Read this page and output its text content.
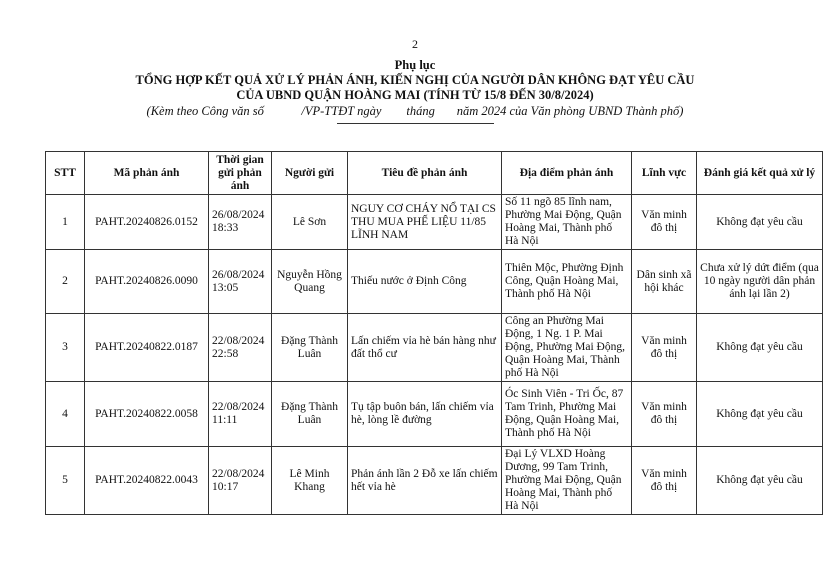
2
Phụ lục
TỔNG HỢP KẾT QUẢ XỬ LÝ PHẢN ÁNH, KIẾN NGHỊ CỦA NGƯỜI DÂN KHÔNG ĐẠT YÊU CẦU
CỦA UBND QUẬN HOÀNG MAI (TÍNH TỪ 15/8 ĐẾN 30/8/2024)
(Kèm theo Công văn số            /VP-TTĐT ngày        tháng       năm 2024 của Văn phòng UBND Thành phố)
STT	Mã phản ánh	Thời gian gửi phản ánh	Người gửi	Tiêu đề phản ánh	Địa điểm phản ánh	Lĩnh vực	Đánh giá kết quả xử lý
1	PAHT.20240826.0152	26/08/2024 18:33	Lê Sơn	NGUY CƠ CHÁY NỔ TẠI CS THU MUA PHẾ LIỆU 11/85 LĨNH NAM	Số 11 ngõ 85 lĩnh nam, Phường Mai Động, Quận Hoàng Mai, Thành phố Hà Nội	Văn minh đô thị	Không đạt yêu cầu
2	PAHT.20240826.0090	26/08/2024 13:05	Nguyễn Hồng Quang	Thiếu nước ở Định Công	Thiên Mộc, Phường Định Công, Quận Hoàng Mai, Thành phố Hà Nội	Dân sinh xã hội khác	Chưa xử lý dứt điểm (qua 10 ngày người dân phản ánh lại lần 2)
3	PAHT.20240822.0187	22/08/2024 22:58	Đặng Thành Luân	Lấn chiếm vỉa hè bán hàng như đất thổ cư	Công an Phường Mai Động, 1 Ng. 1 P. Mai Động, Phường Mai Động, Quận Hoàng Mai, Thành phố Hà Nội	Văn minh đô thị	Không đạt yêu cầu
4	PAHT.20240822.0058	22/08/2024 11:11	Đặng Thành Luân	Tụ tập buôn bán, lấn chiếm vỉa hè, lòng lề đường	Óc Sinh Viên - Tri Ốc, 87 Tam Trinh, Phường Mai Động, Quận Hoàng Mai, Thành phố Hà Nội	Văn minh đô thị	Không đạt yêu cầu
5	PAHT.20240822.0043	22/08/2024 10:17	Lê Minh Khang	Phản ánh lần 2 Đỗ xe lấn chiếm hết vỉa hè	Đại Lý VLXD Hoàng Dương, 99 Tam Trinh, Phường Mai Động, Quận Hoàng Mai, Thành phố Hà Nội	Văn minh đô thị	Không đạt yêu cầu
